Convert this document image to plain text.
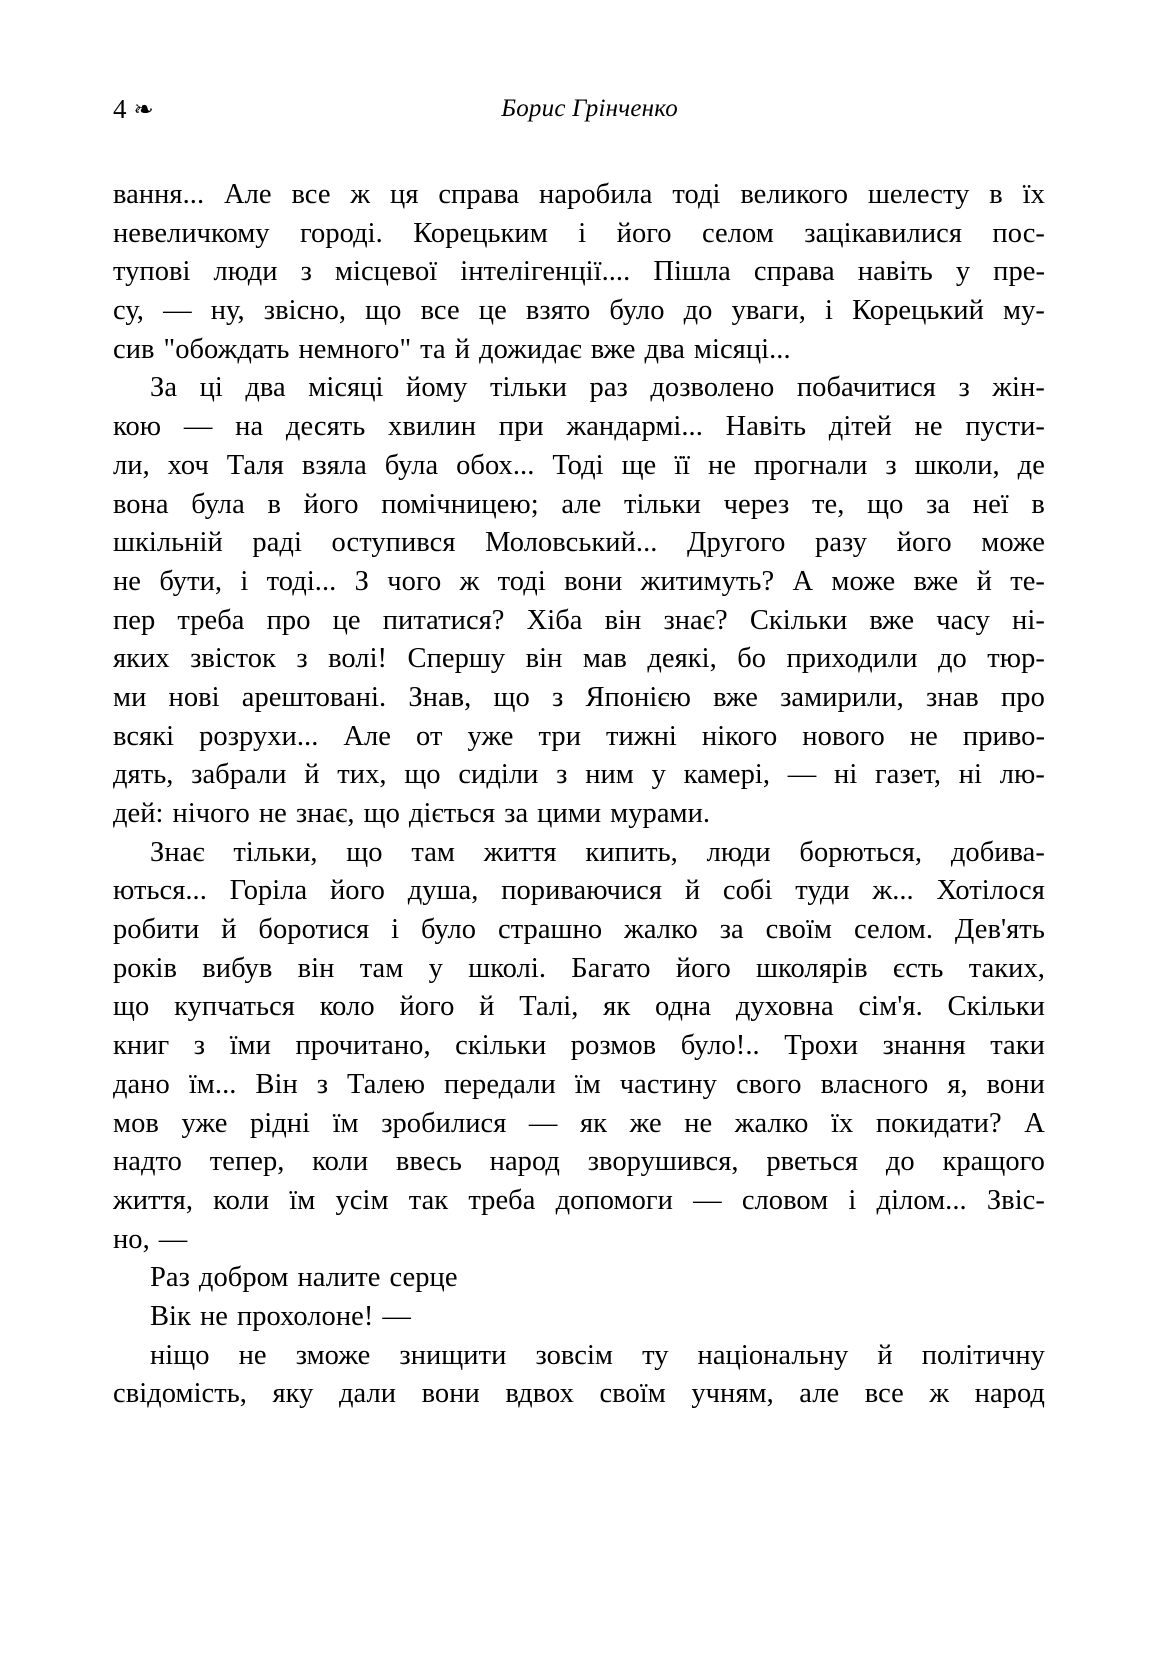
4 ❧	Борис Грінченко
вання... Але все ж ця справа наробила тоді великого шелесту в їх
невеличкому городі. Корецьким і його селом зацікавилися пос-
тупові люди з місцевої інтелігенції.... Пішла справа навіть у пре-
су, — ну, звісно, що все це взято було до уваги, і Корецький му-
сив "обождать немного" та й дожидає вже два місяці...
За ці два місяці йому тільки раз дозволено побачитися з жін-
кою — на десять хвилин при жандармі... Навіть дітей не пусти-
ли, хоч Таля взяла була обох... Тоді ще її не прогнали з школи, де
вона була в його помічницею; але тільки через те, що за неї в
шкільній раді оступився Моловський... Другого разу його може
не бути, і тоді... З чого ж тоді вони житимуть? А може вже й те-
пер треба про це питатися? Хіба він знає? Скільки вже часу ні-
яких звісток з волі! Спершу він мав деякі, бо приходили до тюр-
ми нові арештовані. Знав, що з Японією вже замирили, знав про
всякі розрухи... Але от уже три тижні нікого нового не приво-
дять, забрали й тих, що сиділи з ним у камері, — ні газет, ні лю-
дей: нічого не знає, що діється за цими мурами.
Знає тільки, що там життя кипить, люди борються, добива-
ються... Горіла його душа, пориваючися й собі туди ж... Хотілося
робити й боротися і було страшно жалко за своїм селом. Дев'ять
років вибув він там у школі. Багато його школярів єсть таких,
що купчаться коло його й Талі, як одна духовна сім'я. Скільки
книг з їми прочитано, скільки розмов було!.. Трохи знання таки
дано їм... Він з Талею передали їм частину свого власного я, вони
мов уже рідні їм зробилися — як же не жалко їх покидати? А
надто тепер, коли ввесь народ зворушився, рветься до кращого
життя, коли їм усім так треба допомоги — словом і ділом... Звіс-
но, —
Раз добром налите серце
Вік не прохолоне! —
ніщо не зможе знищити зовсім ту національну й політичну
свідомість, яку дали вони вдвох своїм учням, але все ж народ
